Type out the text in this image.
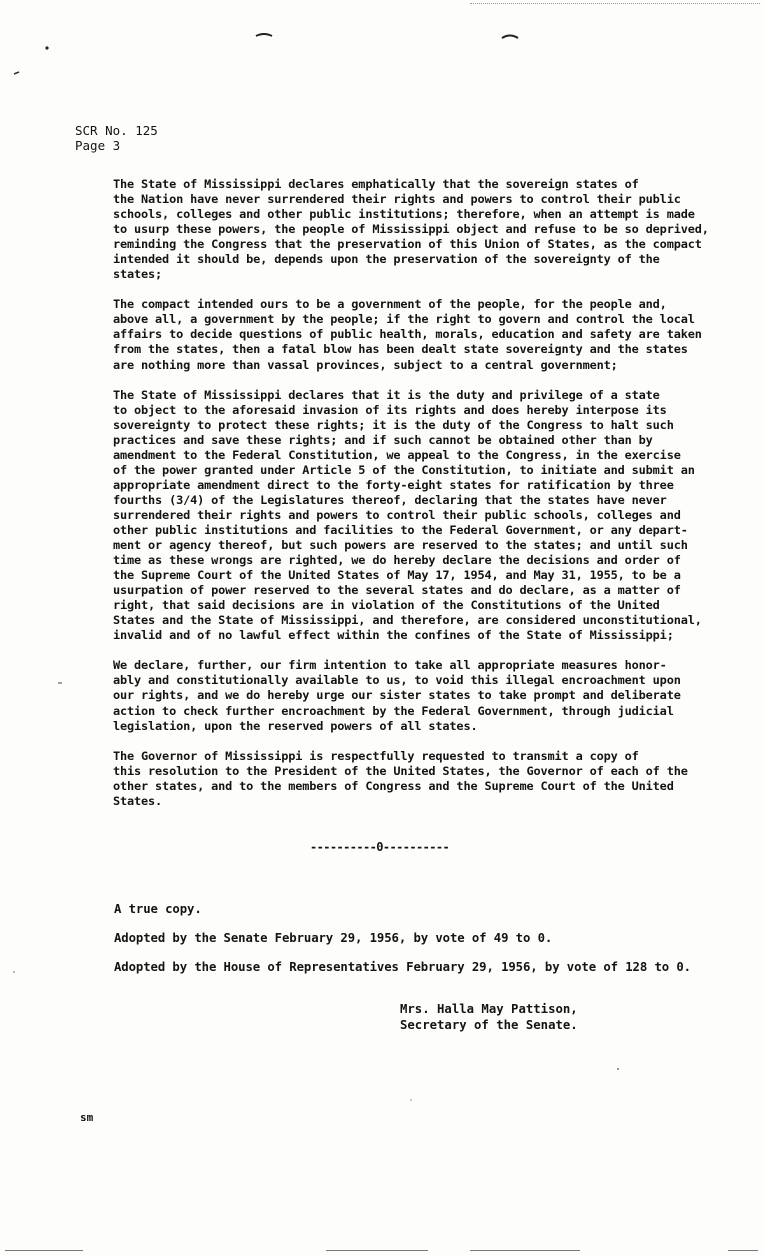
SCR No. 125
Page 3
The State of Mississippi declares emphatically that the sovereign states of
the Nation have never surrendered their rights and powers to control their public
schools, colleges and other public institutions; therefore, when an attempt is made
to usurp these powers, the people of Mississippi object and refuse to be so deprived,
reminding the Congress that the preservation of this Union of States, as the compact
intended it should be, depends upon the preservation of the sovereignty of the
states;
The compact intended ours to be a government of the people, for the people and,
above all, a government by the people; if the right to govern and control the local
affairs to decide questions of public health, morals, education and safety are taken
from the states, then a fatal blow has been dealt state sovereignty and the states
are nothing more than vassal provinces, subject to a central government;
The State of Mississippi declares that it is the duty and privilege of a state
to object to the aforesaid invasion of its rights and does hereby interpose its
sovereignty to protect these rights; it is the duty of the Congress to halt such
practices and save these rights; and if such cannot be obtained other than by
amendment to the Federal Constitution, we appeal to the Congress, in the exercise
of the power granted under Article 5 of the Constitution, to initiate and submit an
appropriate amendment direct to the forty-eight states for ratification by three
fourths (3/4) of the Legislatures thereof, declaring that the states have never
surrendered their rights and powers to control their public schools, colleges and
other public institutions and facilities to the Federal Government, or any depart-
ment or agency thereof, but such powers are reserved to the states; and until such
time as these wrongs are righted, we do hereby declare the decisions and order of
the Supreme Court of the United States of May 17, 1954, and May 31, 1955, to be a
usurpation of power reserved to the several states and do declare, as a matter of
right, that said decisions are in violation of the Constitutions of the United
States and the State of Mississippi, and therefore, are considered unconstitutional,
invalid and of no lawful effect within the confines of the State of Mississippi;
We declare, further, our firm intention to take all appropriate measures honor-
ably and constitutionally available to us, to void this illegal encroachment upon
our rights, and we do hereby urge our sister states to take prompt and deliberate
action to check further encroachment by the Federal Government, through judicial
legislation, upon the reserved powers of all states.
The Governor of Mississippi is respectfully requested to transmit a copy of
this resolution to the President of the United States, the Governor of each of the
other states, and to the members of Congress and the Supreme Court of the United
States.
----------0----------
A true copy.
Adopted by the Senate February 29, 1956, by vote of 49 to 0.
Adopted by the House of Representatives February 29, 1956, by vote of 128 to 0.
Mrs. Halla May Pattison,
Secretary of the Senate.
sm
